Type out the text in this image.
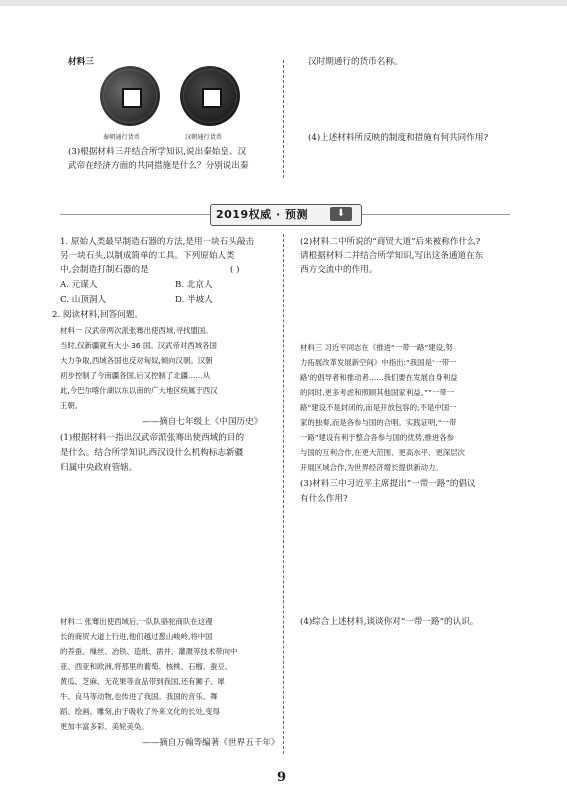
材料三
秦朝通行货币	汉朝通行货币
(3)根据材料三并结合所学知识,说出秦始皇、汉
武帝在经济方面的共同措施是什么？分别说出秦
汉时期通行的货币名称。
(4)上述材料所反映的制度和措施有何共同作用?
2019权威 · 预测	⬇
1. 原始人类最早制造石器的方法,是用一块石头敲击
另一块石头,以制成简单的工具。下列原始人类
中,会制造打制石器的是	( )
A. 元谋人	B. 北京人
C. 山顶洞人	D. 半坡人
2. 阅读材料,回答问题。
材料一 汉武帝两次派张骞出使西域,寻找盟国。
当时,仅新疆就有大小 36 国。汉武帝对西域各国
大力争取,西域各国也反对匈奴,倾向汉朝。汉朝
初步控制了今南疆各国,后又控制了北疆……从
此,今巴尔喀什湖以东以南的广大地区统属于西汉
王朝。
——摘自七年级上《中国历史》
(1)根据材料一指出汉武帝派张骞出使西域的目的
是什么。结合所学知识,西汉设什么机构标志新疆
归属中央政府管辖。
材料二 张骞出使西域后,一队队骆驼商队在这漫
长的商贸大道上行进,他们越过葱山峻岭,将中国
的养蚕、缫丝、冶铁、造纸、凿井、灌溉等技术带向中
亚、西亚和欧洲,将那里的葡萄、核桃、石榴、蚕豆、
黄瓜、芝麻、无花果等食品带到我国,还有狮子、犀
牛、良马等动物,也传进了我国。我国的音乐、舞
蹈、绘画、雕刻,由于吸收了外来文化的长处,变得
更加丰富多彩、美轮美奂。
——摘自万翰等编著《世界五千年》
(2)材料二中所说的“商贸大道”后来被称作什么?
请根据材料二并结合所学知识,写出这条通道在东
西方交流中的作用。
材料三 习近平同志在《推进“一带一路”建设,努
力拓展改革发展新空间》中指出:“我国是‘一带一
路’的倡导者和推动者……我们要在发展自身利益
的同时,更多考虑和照顾其他国家利益。”“一带一
路”建设不是封闭的,而是开放包容的;不是中国一
家的独奏,而是各参与国的合唱。实践证明,“一带
一路”建设有利于整合各参与国的优势,推进各参
与国的互利合作,在更大范围、更高水平、更深层次
开展区域合作,为世界经济增长提供新动力。
(3)材料三中习近平主席提出“一带一路”的倡议
有什么作用?
(4)综合上述材料,谈谈你对“一带一路”的认识。
9
